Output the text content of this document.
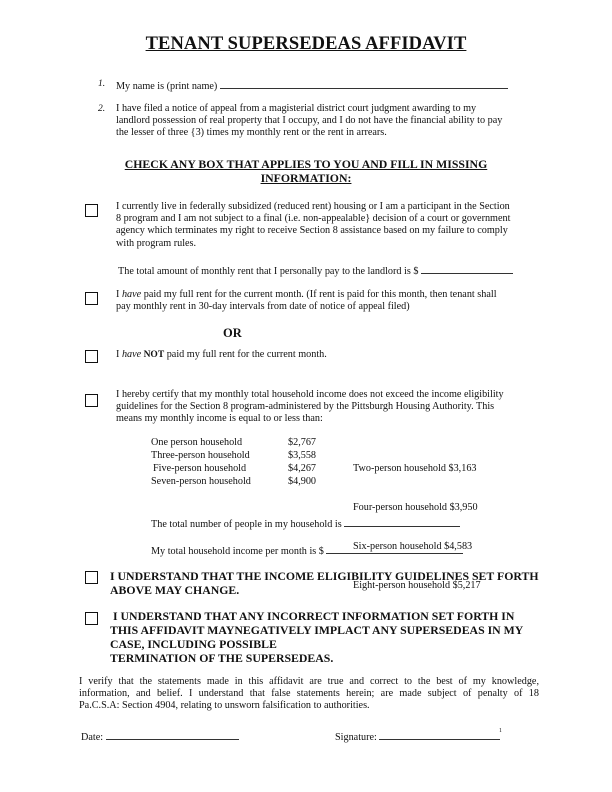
TENANT SUPERSEDEAS AFFIDAVIT
1. My name is (print name)
2. I have filed a notice of appeal from a magisterial district court judgment awarding to my
landlord possession of real property that I occupy, and I do not have the financial ability to pay
the lesser of three {3) times my monthly rent or the rent in arrears.
CHECK ANY BOX THAT APPLIES TO YOU AND FILL IN MISSING
INFORMATION:
I currently live in federally subsidized (reduced rent) housing or I am a participant in the Section
8 program and I am not subject to a final (i.e. non-appealable} decision of a court or government
agency which terminates my right to receive Section 8 assistance based on my failure to comply
with program rules.
The total amount of monthly rent that I personally pay to the landlord is $
I have paid my full rent for the current month. (If rent is paid for this month, then tenant shall
pay monthly rent in 30-day intervals from date of notice of appeal filed)
OR
I have NOT paid my full rent for the current month.
I hereby certify that my monthly total household income does not exceed the income eligibility
guidelines for the Section 8 program-administered by the Pittsburgh Housing Authority. This
means my monthly income is equal to or less than:
One person household
Three-person household
Five-person household
Seven-person household
$2,767
$3,558
$4,267
$4,900

Two-person household $3,163

Four-person household $3,950

Six-person household $4,583

Eight-person household $5,217

The total number of people in my household is
My total household income per month is $
I UNDERSTAND THAT THE INCOME ELIGIBILITY GUIDELINES SET FORTH
ABOVE MAY CHANGE.
I UNDERSTAND THAT ANY INCORRECT INFORMATION SET FORTH IN
THIS AFFIDAVIT MAYNEGATIVELY IMPLACT ANY SUPERSEDEAS IN MY
CASE, INCLUDING POSSIBLE
TERMINATION OF THE SUPERSEDEAS.
I verify that the statements made in this affidavit are true and correct to the best of my knowledge,
information, and belief. I understand that false statements herein; are made subject of penalty of 18
Pa.C.S.A: Section 4904, relating to unsworn falsification to authorities.
Date:	Signature:
1
